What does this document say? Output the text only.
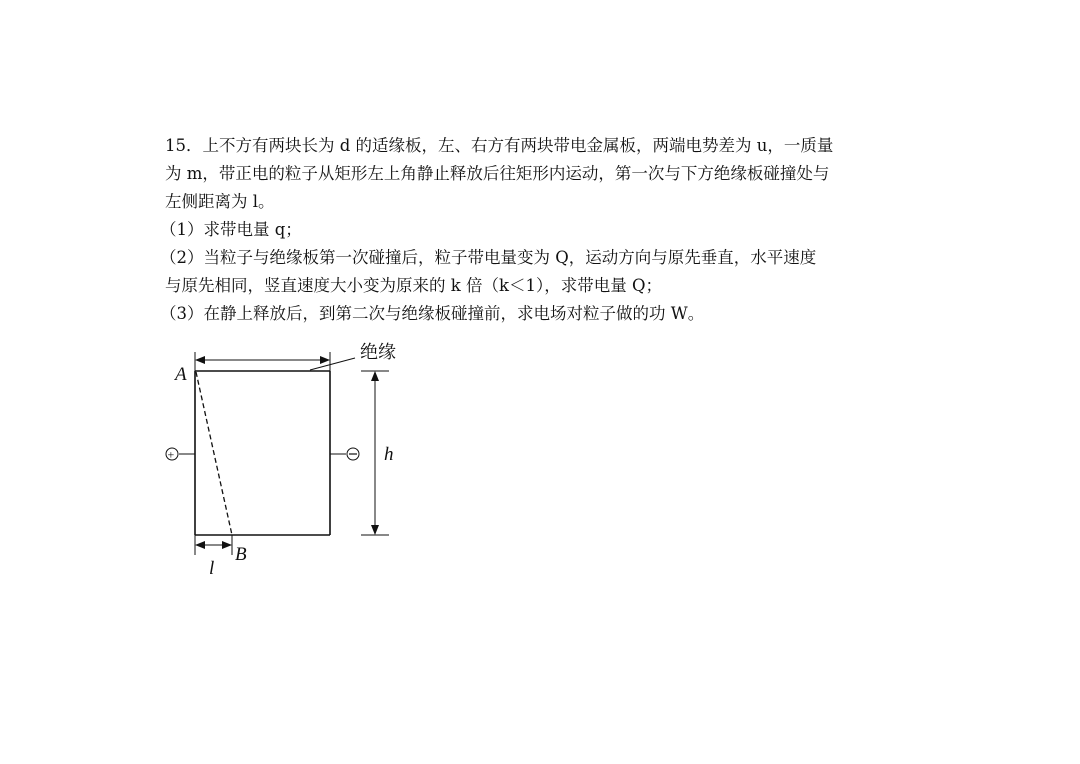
15．上不方有两块长为 d 的适缘板，左、右方有两块带电金属板，两端电势差为 u，一质量
为 m，带正电的粒子从矩形左上角静止释放后往矩形内运动，第一次与下方绝缘板碰撞处与
左侧距离为 l。
（1）求带电量 q；
（2）当粒子与绝缘板第一次碰撞后，粒子带电量变为 Q，运动方向与原先垂直，水平速度
与原先相同，竖直速度大小变为原来的 k 倍（k＜1），求带电量 Q；
（3）在静上释放后，到第二次与绝缘板碰撞前，求电场对粒子做的功 W。
绝缘
A
+	h
B
l
